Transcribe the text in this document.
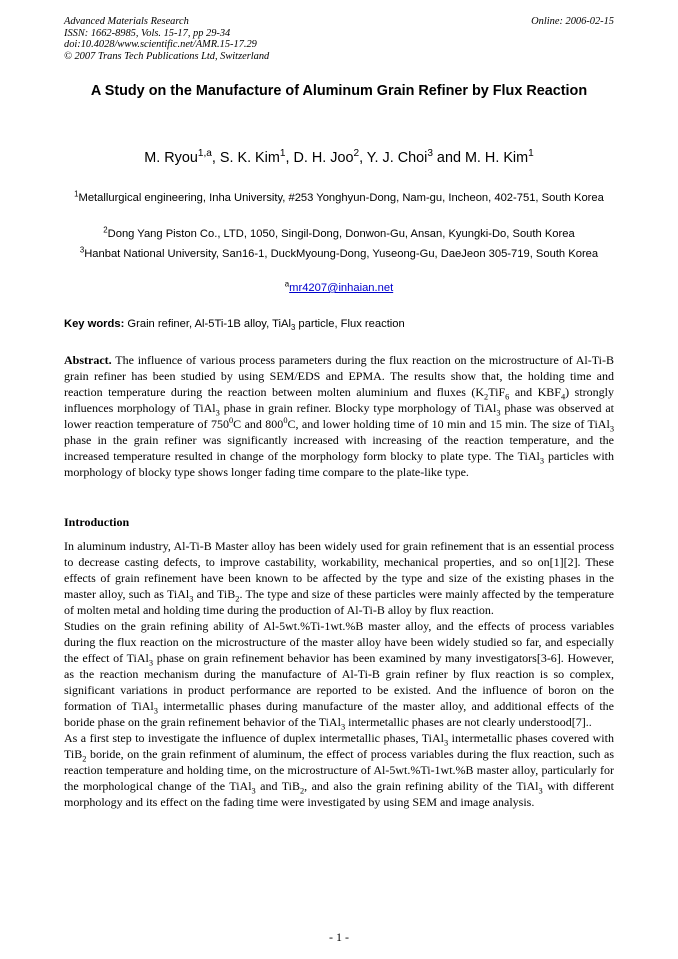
Advanced Materials Research
ISSN: 1662-8985, Vols. 15-17, pp 29-34
doi:10.4028/www.scientific.net/AMR.15-17.29
© 2007 Trans Tech Publications Ltd, Switzerland
Online: 2006-02-15
A Study on the Manufacture of Aluminum Grain Refiner by Flux Reaction
M. Ryou$^{1,a}$, S. K. Kim$^1$, D. H. Joo$^2$, Y. J. Choi$^3$ and M. H. Kim$^1$
$^1$Metallurgical engineering, Inha University, #253 Yonghyun-Dong, Nam-gu, Incheon, 402-751, South Korea
$^2$Dong Yang Piston Co., LTD, 1050, Singil-Dong, Donwon-Gu, Ansan, Kyungki-Do, South Korea
$^3$Hanbat National University, San16-1, DuckMyoung-Dong, Yuseong-Gu, DaeJeon 305-719, South Korea
$^a$mr4207@inhaian.net
Key words: Grain refiner, Al-5Ti-1B alloy, TiAl$_3$ particle, Flux reaction
Abstract. The influence of various process parameters during the flux reaction on the microstructure of Al-Ti-B grain refiner has been studied by using SEM/EDS and EPMA. The results show that, the holding time and reaction temperature during the reaction between molten aluminium and fluxes ($K_2TiF_6$ and $KBF_4$) strongly influences morphology of TiAl$_3$ phase in grain refiner. Blocky type morphology of TiAl$_3$ phase was observed at lower reaction temperature of $750^0C$ and $800^0C$, and lower holding time of 10 min and 15 min. The size of TiAl$_3$ phase in the grain refiner was significantly increased with increasing of the reaction temperature, and the increased temperature resulted in change of the morphology form blocky to plate type. The TiAl$_3$ particles with morphology of blocky type shows longer fading time compare to the plate-like type.
Introduction
In aluminum industry, Al-Ti-B Master alloy has been widely used for grain refinement that is an essential process to decrease casting defects, to improve castability, workability, mechanical properties, and so on[1][2]. These effects of grain refinement have been known to be affected by the type and size of the existing phases in the master alloy, such as TiAl$_3$ and TiB$_2$. The type and size of these particles were mainly affected by the temperature of molten metal and holding time during the production of Al-Ti-B alloy by flux reaction.
Studies on the grain refining ability of Al-5wt.%Ti-1wt.%B master alloy, and the effects of process variables during the flux reaction on the microstructure of the master alloy have been widely studied so far, and especially the effect of TiAl$_3$ phase on grain refinement behavior has been examined by many investigators[3-6]. However, as the reaction mechanism during the manufacture of Al-Ti-B grain refiner by flux reaction is so complex, significant variations in product performance are reported to be existed. And the influence of boron on the formation of TiAl$_3$ intermetallic phases during manufacture of the master alloy, and additional effects of the boride phase on the grain refinement behavior of the TiAl$_3$ intermetallic phases are not clearly understood[7]..
As a first step to investigate the influence of duplex intermetallic phases, TiAl$_3$ intermetallic phases covered with TiB$_2$ boride, on the grain refinment of aluminum, the effect of process variables during the flux reaction, such as reaction temperature and holding time, on the microstructure of Al-5wt.%Ti-1wt.%B master alloy, particularly for the morphological change of the TiAl$_3$ and TiB$_2$, and also the grain refining ability of the TiAl$_3$ with different morphology and its effect on the fading time were investigated by using SEM and image analysis.
- 1 -
